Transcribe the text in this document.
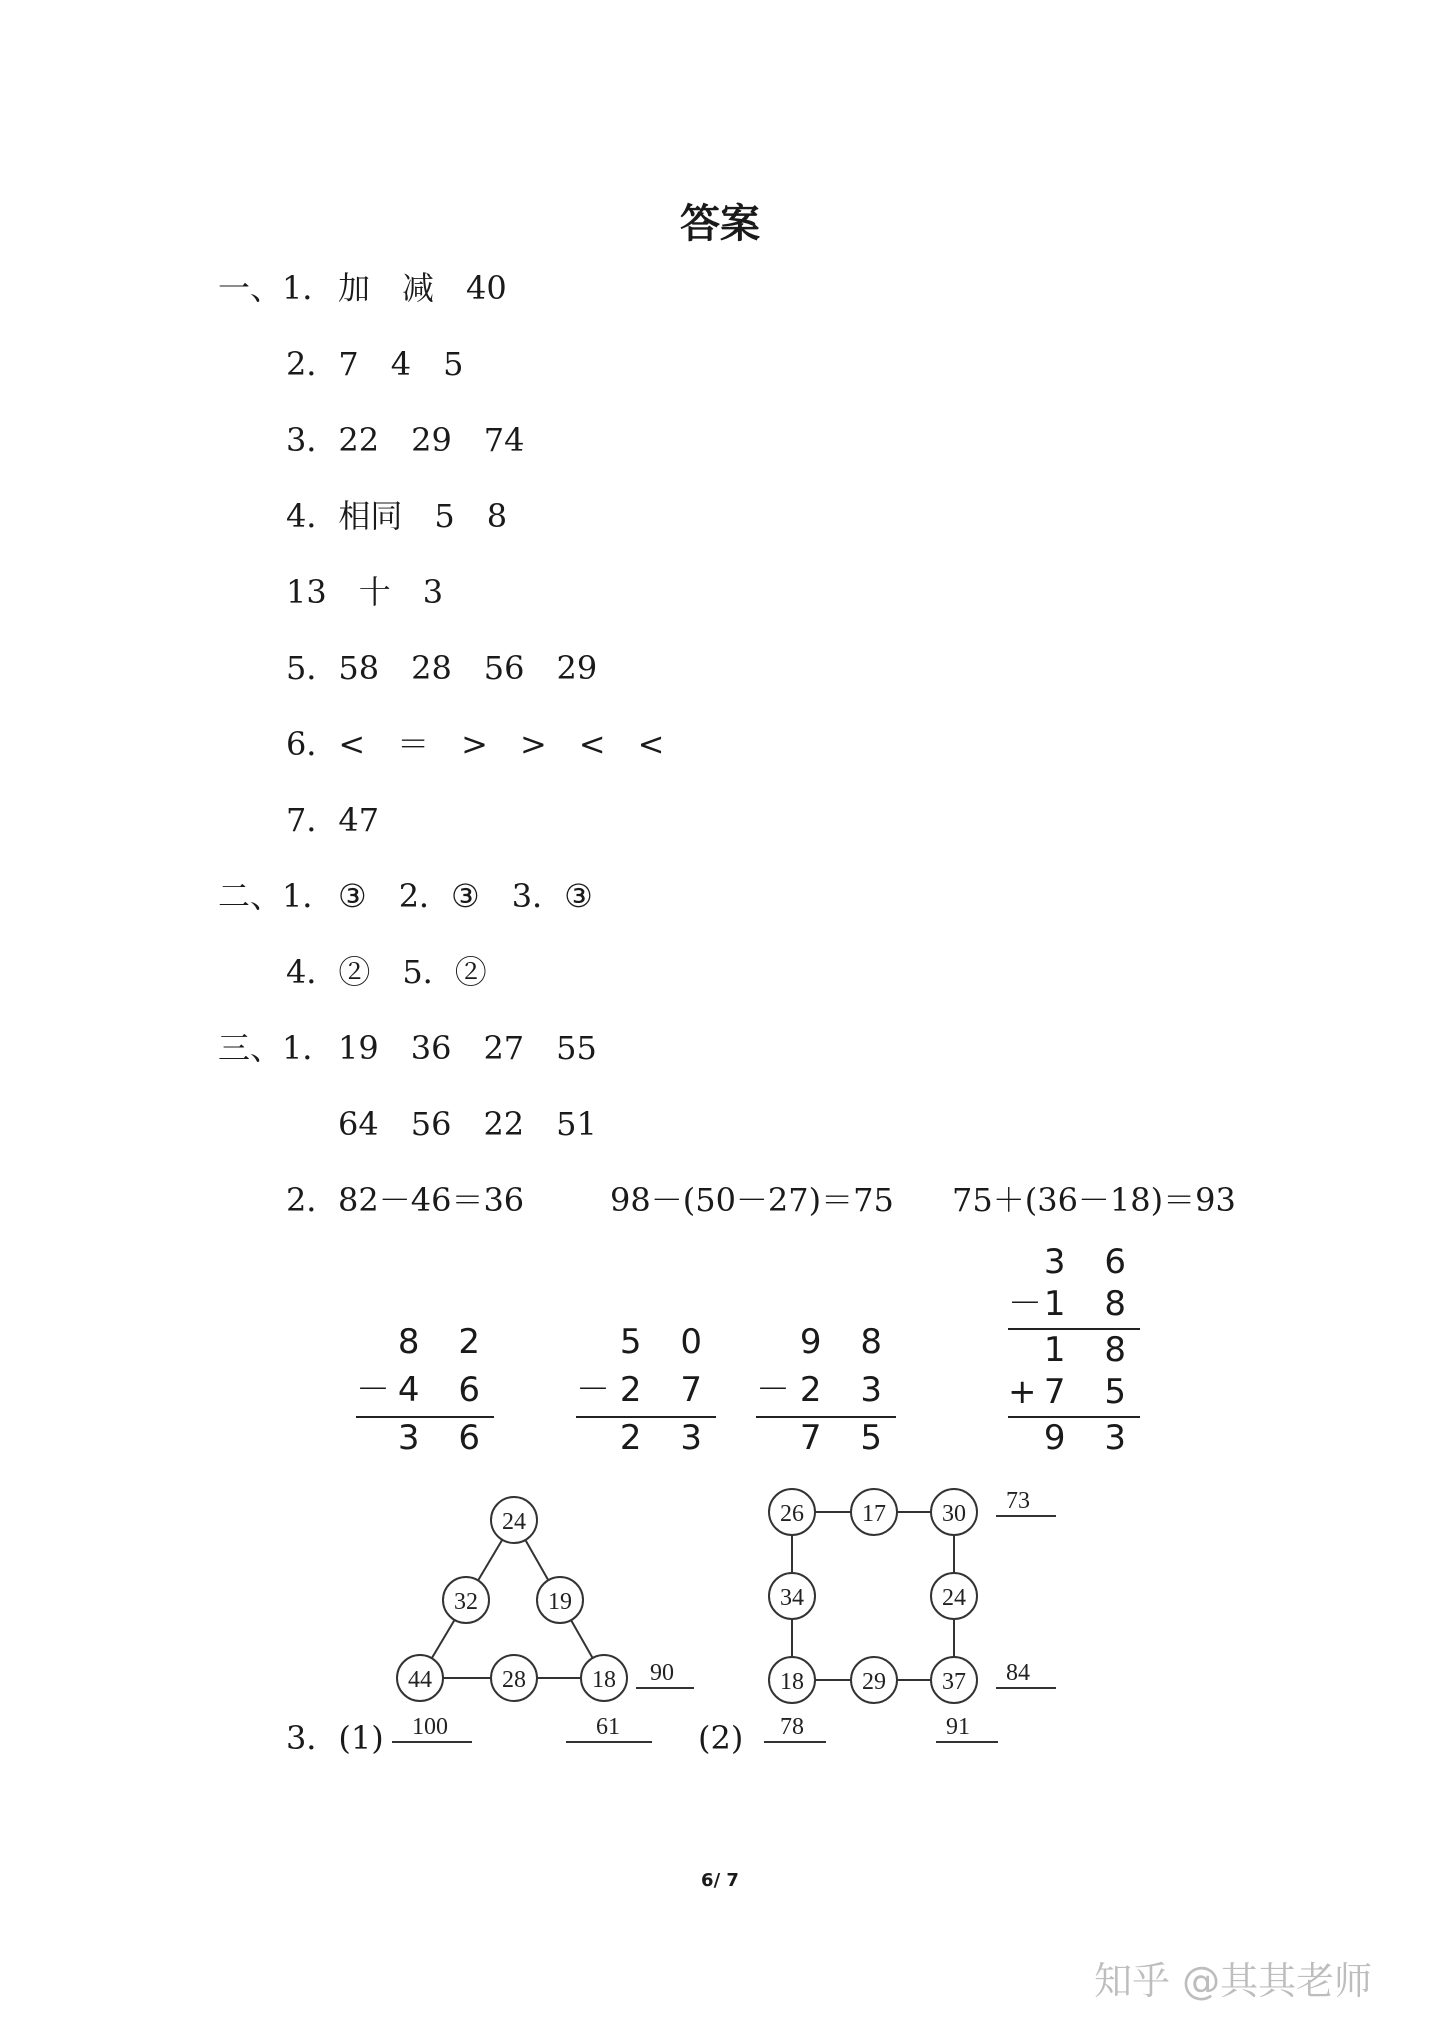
答案
一、1． 加　减　40
2．7　4　5
3．22　29　74
4．相同　5　8
13　十　3
5．58　28　56　29
6．<　＝　>　>　<　<
7．47
二、1． ③　2．③　3．③
4．②　5．②
三、1． 19　36　27　55
64　56　22　51
2． 82－46＝36	98－(50－27)＝75 75＋(36－18)＝93
8 2
－ 4 6
3 6
5 0
－ 2 7
2 3
9 8
－ 2 3
7 5
3 6
－ 1 8
1 8
+ 7 5
9 3
24
32	19
44	28	18 90
26 17 30
34	24
18 29 37
73
84
100	61	78	91
3．(1)	(2)
6/ 7
知乎 @其其老师
